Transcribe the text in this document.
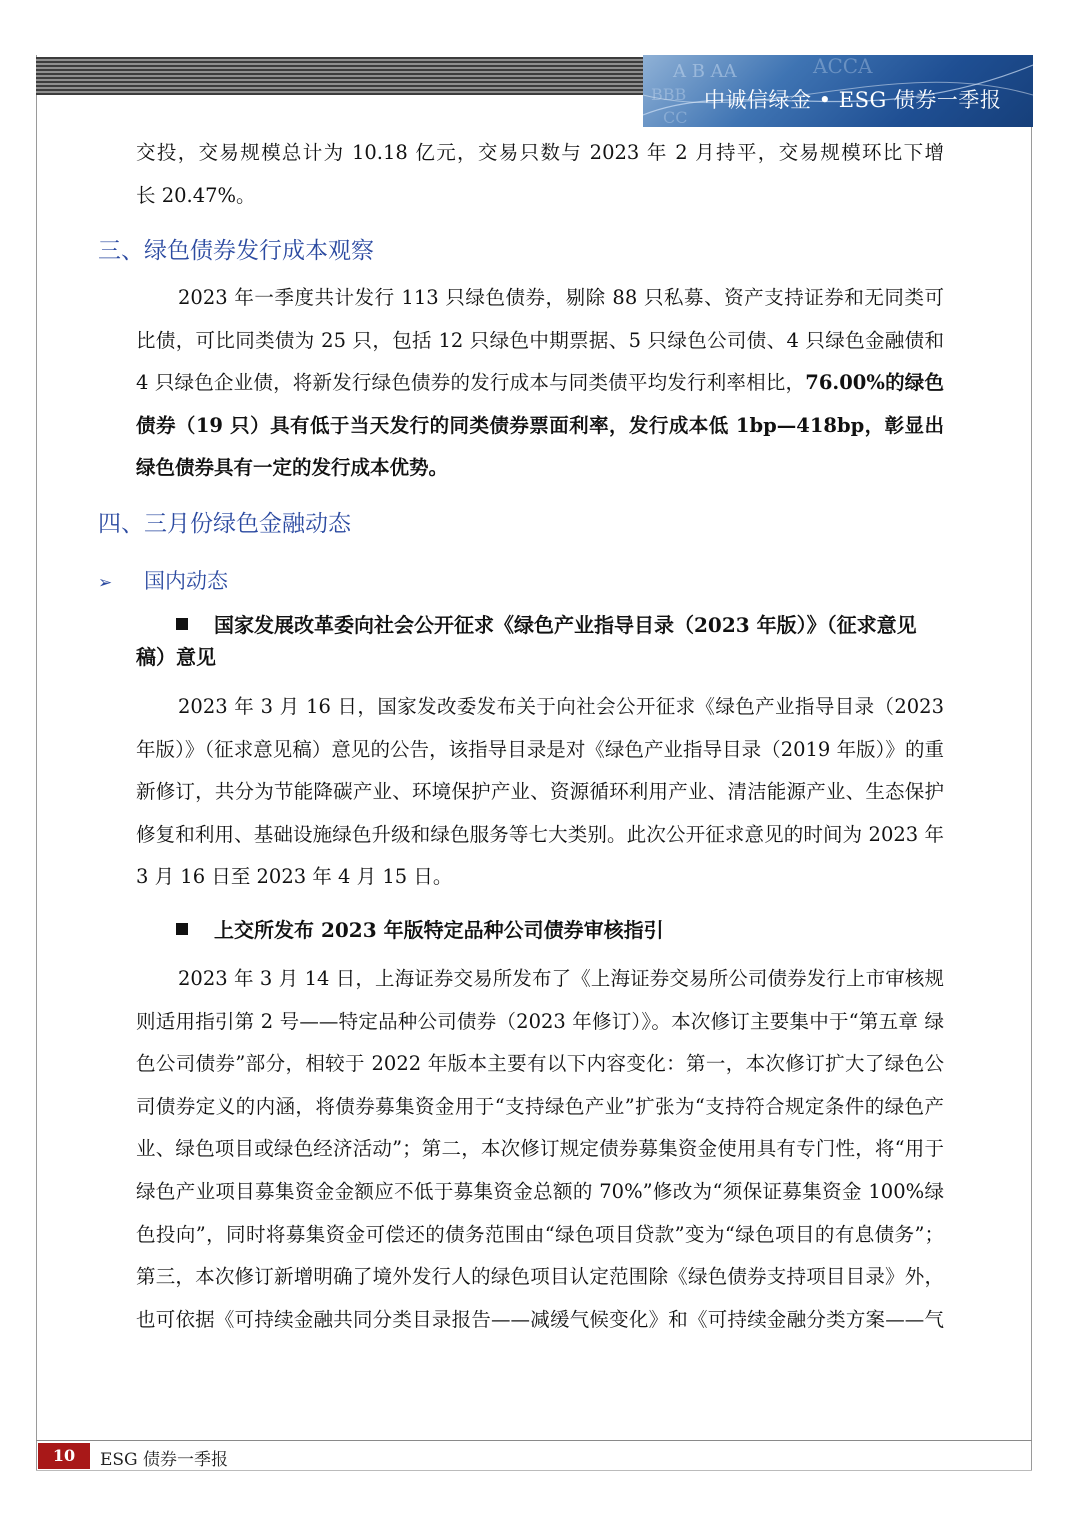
A B AA
BBB
ACCA
CC
中诚信绿金 • ESG 债券一季报
交投，交易规模总计为 10.18 亿元，交易只数与 2023 年 2 月持平，交易规模环比下增
长 20.47%。
三、绿色债券发行成本观察
2023 年一季度共计发行 113 只绿色债券，剔除 88 只私募、资产支持证券和无同类可比债，可比同类债为 25 只，包括 12 只绿色中期票据、5 只绿色公司债、4 只绿色金融债和 4 只绿色企业债，将新发行绿色债券的发行成本与同类债平均发行利率相比，76.00%的绿色债券（19 只）具有低于当天发行的同类债券票面利率，发行成本低 1bp—418bp，彰显出绿色债券具有一定的发行成本优势。
四、三月份绿色金融动态
➢ 国内动态
国家发展改革委向社会公开征求《绿色产业指导目录（2023 年版）》（征求意见稿）意见
2023 年 3 月 16 日，国家发改委发布关于向社会公开征求《绿色产业指导目录（2023 年版）》（征求意见稿）意见的公告，该指导目录是对《绿色产业指导目录（2019 年版）》的重新修订，共分为节能降碳产业、环境保护产业、资源循环利用产业、清洁能源产业、生态保护修复和利用、基础设施绿色升级和绿色服务等七大类别。此次公开征求意见的时间为 2023 年 3 月 16 日至 2023 年 4 月 15 日。
上交所发布 2023 年版特定品种公司债券审核指引
2023 年 3 月 14 日，上海证券交易所发布了《上海证券交易所公司债券发行上市审核规则适用指引第 2 号——特定品种公司债券（2023 年修订）》。本次修订主要集中于“第五章 绿色公司债券”部分，相较于 2022 年版本主要有以下内容变化：第一，本次修订扩大了绿色公司债券定义的内涵，将债券募集资金用于“支持绿色产业”扩张为“支持符合规定条件的绿色产业、绿色项目或绿色经济活动”；第二，本次修订规定债券募集资金使用具有专门性，将“用于绿色产业项目募集资金金额应不低于募集资金总额的 70%”修改为“须保证募集资金 100%绿色投向”，同时将募集资金可偿还的债务范围由“绿色项目贷款”变为“绿色项目的有息债务”；第三，本次修订新增明确了境外发行人的绿色项目认定范围除《绿色债券支持项目目录》外，也可依据《可持续金融共同分类目录报告——减缓气候变化》和《可持续金融分类方案——气
10	ESG 债券一季报
